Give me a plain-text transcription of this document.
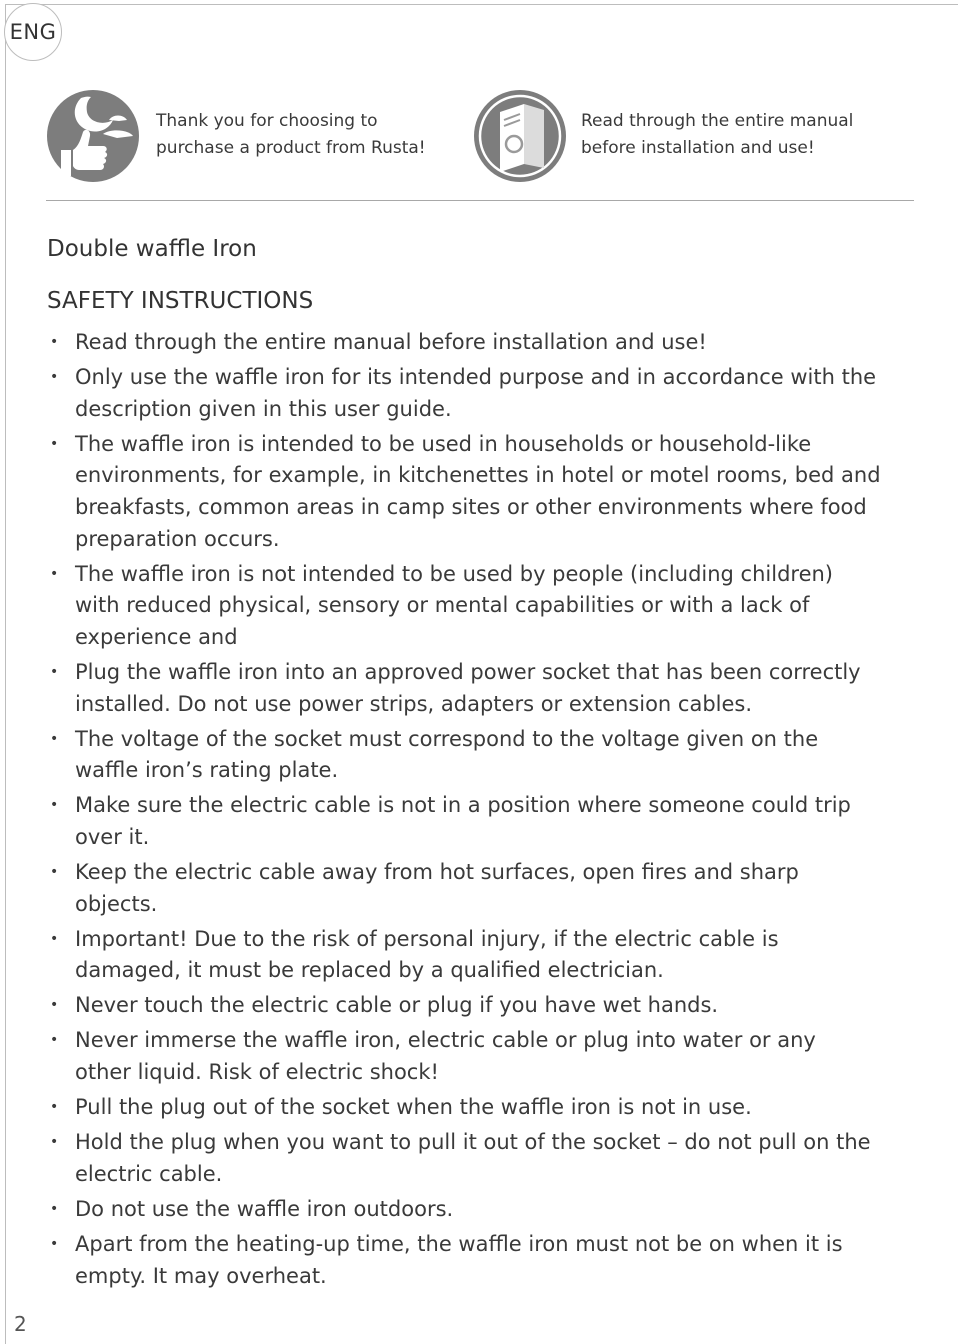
ENG
Thank you for choosing to
purchase a product from Rusta!
Read through the entire manual
before installation and use!
Double waffle Iron
SAFETY INSTRUCTIONS
• Read through the entire manual before installation and use!
• Only use the waffle iron for its intended purpose and in accordance with the
description given in this user guide.
• The waffle iron is intended to be used in households or household-like
environments, for example, in kitchenettes in hotel or motel rooms, bed and
breakfasts, common areas in camp sites or other environments where food
preparation occurs.
• The waffle iron is not intended to be used by people (including children)
with reduced physical, sensory or mental capabilities or with a lack of
experience and
• Plug the waffle iron into an approved power socket that has been correctly
installed. Do not use power strips, adapters or extension cables.
• The voltage of the socket must correspond to the voltage given on the
waffle iron’s rating plate.
• Make sure the electric cable is not in a position where someone could trip
over it.
• Keep the electric cable away from hot surfaces, open fires and sharp
objects.
• Important! Due to the risk of personal injury, if the electric cable is
damaged, it must be replaced by a qualified electrician.
• Never touch the electric cable or plug if you have wet hands.
• Never immerse the waffle iron, electric cable or plug into water or any
other liquid. Risk of electric shock!
• Pull the plug out of the socket when the waffle iron is not in use.
• Hold the plug when you want to pull it out of the socket – do not pull on the
electric cable.
• Do not use the waffle iron outdoors.
• Apart from the heating-up time, the waffle iron must not be on when it is
empty. It may overheat.
2
